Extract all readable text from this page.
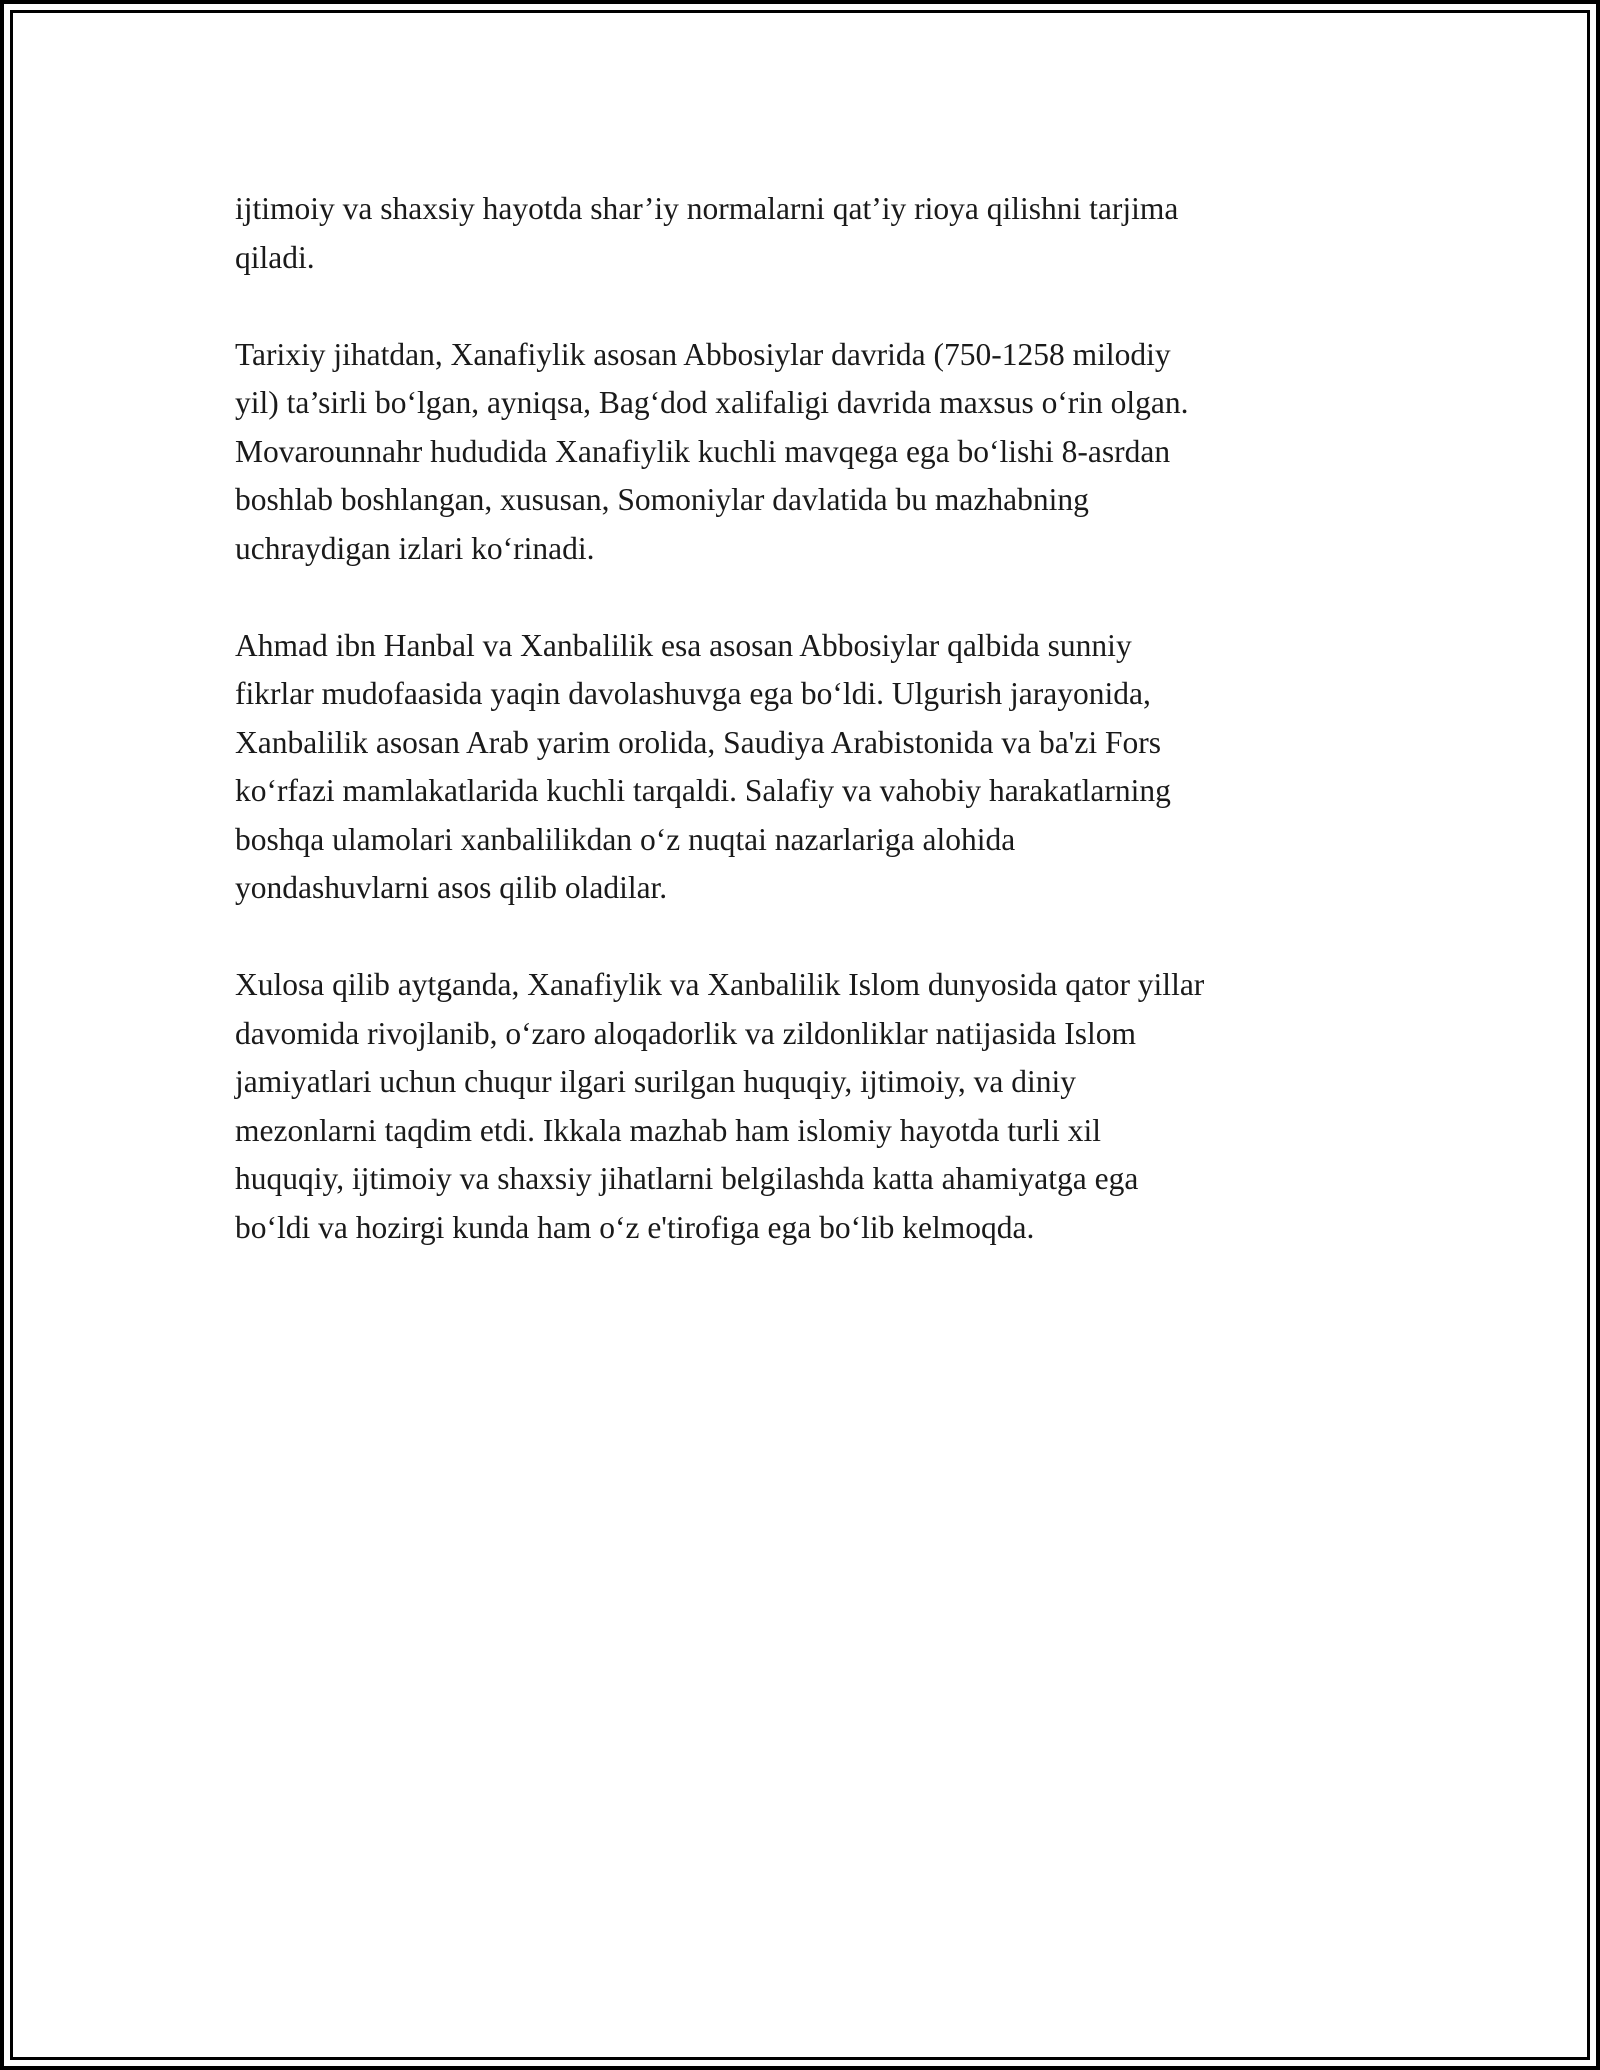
ijtimoiy va shaxsiy hayotda shar’iy normalarni qat’iy rioya qilishni tarjima
qiladi.

Tarixiy jihatdan, Xanafiylik asosan Abbosiylar davrida (750-1258 milodiy
yil) ta’sirli bo‘lgan, ayniqsa, Bag‘dod xalifaligi davrida maxsus o‘rin olgan.
Movarounnahr hududida Xanafiylik kuchli mavqega ega bo‘lishi 8-asrdan
boshlab boshlangan, xususan, Somoniylar davlatida bu mazhabning
uchraydigan izlari ko‘rinadi.

Ahmad ibn Hanbal va Xanbalilik esa asosan Abbosiylar qalbida sunniy
fikrlar mudofaasida yaqin davolashuvga ega bo‘ldi. Ulgurish jarayonida,
Xanbalilik asosan Arab yarim orolida, Saudiya Arabistonida va ba'zi Fors
ko‘rfazi mamlakatlarida kuchli tarqaldi. Salafiy va vahobiy harakatlarning
boshqa ulamolari xanbalilikdan o‘z nuqtai nazarlariga alohida
yondashuvlarni asos qilib oladilar.

Xulosa qilib aytganda, Xanafiylik va Xanbalilik Islom dunyosida qator yillar
davomida rivojlanib, o‘zaro aloqadorlik va zildonliklar natijasida Islom
jamiyatlari uchun chuqur ilgari surilgan huquqiy, ijtimoiy, va diniy
mezonlarni taqdim etdi. Ikkala mazhab ham islomiy hayotda turli xil
huquqiy, ijtimoiy va shaxsiy jihatlarni belgilashda katta ahamiyatga ega
bo‘ldi va hozirgi kunda ham o‘z e'tirofiga ega bo‘lib kelmoqda.
